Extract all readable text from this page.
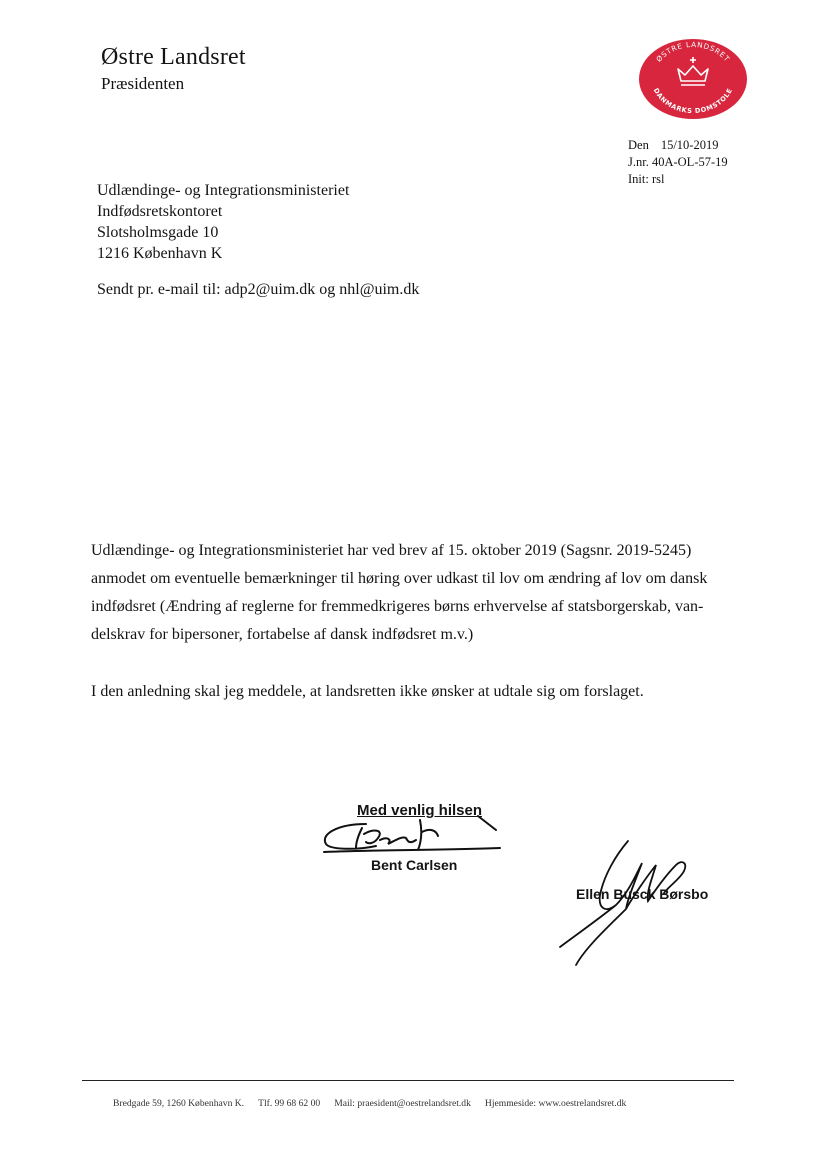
Østre Landsret
Præsidenten
ØSTRE LANDSRET
DANMARKS DOMSTOLE
Den 15/10-2019
J.nr. 40A-OL-57-19
Init: rsl
Udlændinge- og Integrationsministeriet
Indfødsretskontoret
Slotsholmsgade 10
1216 København K
Sendt pr. e-mail til: adp2@uim.dk og nhl@uim.dk
Udlændinge- og Integrationsministeriet har ved brev af 15. oktober 2019 (Sagsnr. 2019-5245)
anmodet om eventuelle bemærkninger til høring over udkast til lov om ændring af lov om dansk
indfødsret (Ændring af reglerne for fremmedkrigeres børns erhvervelse af statsborgerskab, van-
delskrav for bipersoner, fortabelse af dansk indfødsret m.v.)
I den anledning skal jeg meddele, at landsretten ikke ønsker at udtale sig om forslaget.
Med venlig hilsen
Bent Carlsen
Ellen Busck Børsbo
Bredgade 59, 1260 København K. Tlf. 99 68 62 00 Mail: praesident@oestrelandsret.dk Hjemmeside: www.oestrelandsret.dk
